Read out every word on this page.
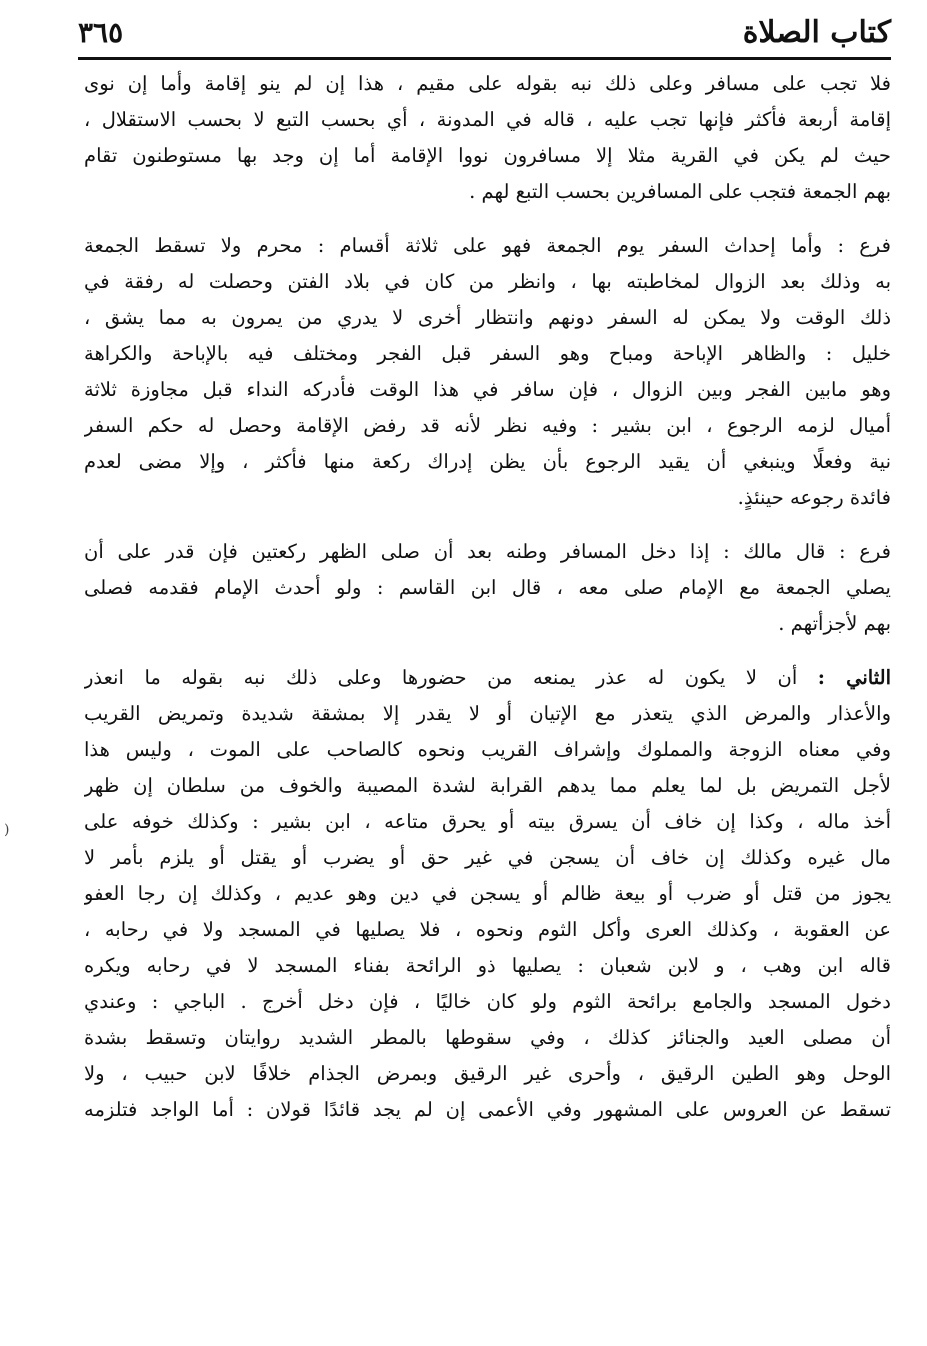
كتاب الصلاة
٣٦٥

فلا تجب على مسافر وعلى ذلك نبه بقوله على مقيم ، هذا إن لم ينو إقامة وأما إن نوى
إقامة أربعة فأكثر فإنها تجب عليه ، قاله في المدونة ، أي بحسب التبع لا بحسب الاستقلال ،
حيث لم يكن في القرية مثلا إلا مسافرون نووا الإقامة أما إن وجد بها مستوطنون تقام
بهم الجمعة فتجب على المسافرين بحسب التبع لهم .

فرع : وأما إحداث السفر يوم الجمعة فهو على ثلاثة أقسام : محرم ولا تسقط الجمعة
به وذلك بعد الزوال لمخاطبته بها ، وانظر من كان في بلاد الفتن وحصلت له رفقة في
ذلك الوقت ولا يمكن له السفر دونهم وانتظار أخرى لا يدري من يمرون به مما يشق ،
خليل : والظاهر الإباحة ومباح وهو السفر قبل الفجر ومختلف فيه بالإباحة والكراهة
وهو مابين الفجر وبين الزوال ، فإن سافر في هذا الوقت فأدركه النداء قبل مجاوزة ثلاثة
أميال لزمه الرجوع ، ابن بشير : وفيه نظر لأنه قد رفض الإقامة وحصل له حكم السفر
نية وفعلًا وينبغي أن يقيد الرجوع بأن يظن إدراك ركعة منها فأكثر ، وإلا مضى لعدم
فائدة رجوعه حينئذٍ.

فرع : قال مالك : إذا دخل المسافر وطنه بعد أن صلى الظهر ركعتين فإن قدر على أن
يصلي الجمعة مع الإمام صلى معه ، قال ابن القاسم : ولو أحدث الإمام فقدمه فصلى
بهم لأجزأتهم .

الثاني : أن لا يكون له عذر يمنعه من حضورها وعلى ذلك نبه بقوله ما انعذر
والأعذار والمرض الذي يتعذر مع الإتيان أو لا يقدر إلا بمشقة شديدة وتمريض القريب
وفي معناه الزوجة والمملوك وإشراف القريب ونحوه كالصاحب على الموت ، وليس هذا
لأجل التمريض بل لما يعلم مما يدهم القرابة لشدة المصيبة والخوف من سلطان إن ظهر
أخذ ماله ، وكذا إن خاف أن يسرق بيته أو يحرق متاعه ، ابن بشير : وكذلك خوفه على
مال غيره وكذلك إن خاف أن يسجن في غير حق أو يضرب أو يقتل أو يلزم بأمر لا
يجوز من قتل أو ضرب أو بيعة ظالم أو يسجن في دين وهو عديم ، وكذلك إن رجا العفو
عن العقوبة ، وكذلك العرى وأكل الثوم ونحوه ، فلا يصليها في المسجد ولا في رحابه ،
قاله ابن وهب ، و لابن شعبان : يصليها ذو الرائحة بفناء المسجد لا في رحابه ويكره
دخول المسجد والجامع برائحة الثوم ولو كان خاليًا ، فإن دخل أخرج . الباجي : وعندي
أن مصلى العيد والجنائز كذلك ، وفي سقوطها بالمطر الشديد روايتان وتسقط بشدة
الوحل وهو الطين الرقيق ، وأحرى غير الرقيق وبمرض الجذام خلافًا لابن حبيب ، ولا
تسقط عن العروس على المشهور وفي الأعمى إن لم يجد قائدًا قولان : أما الواجد فتلزمه

)
